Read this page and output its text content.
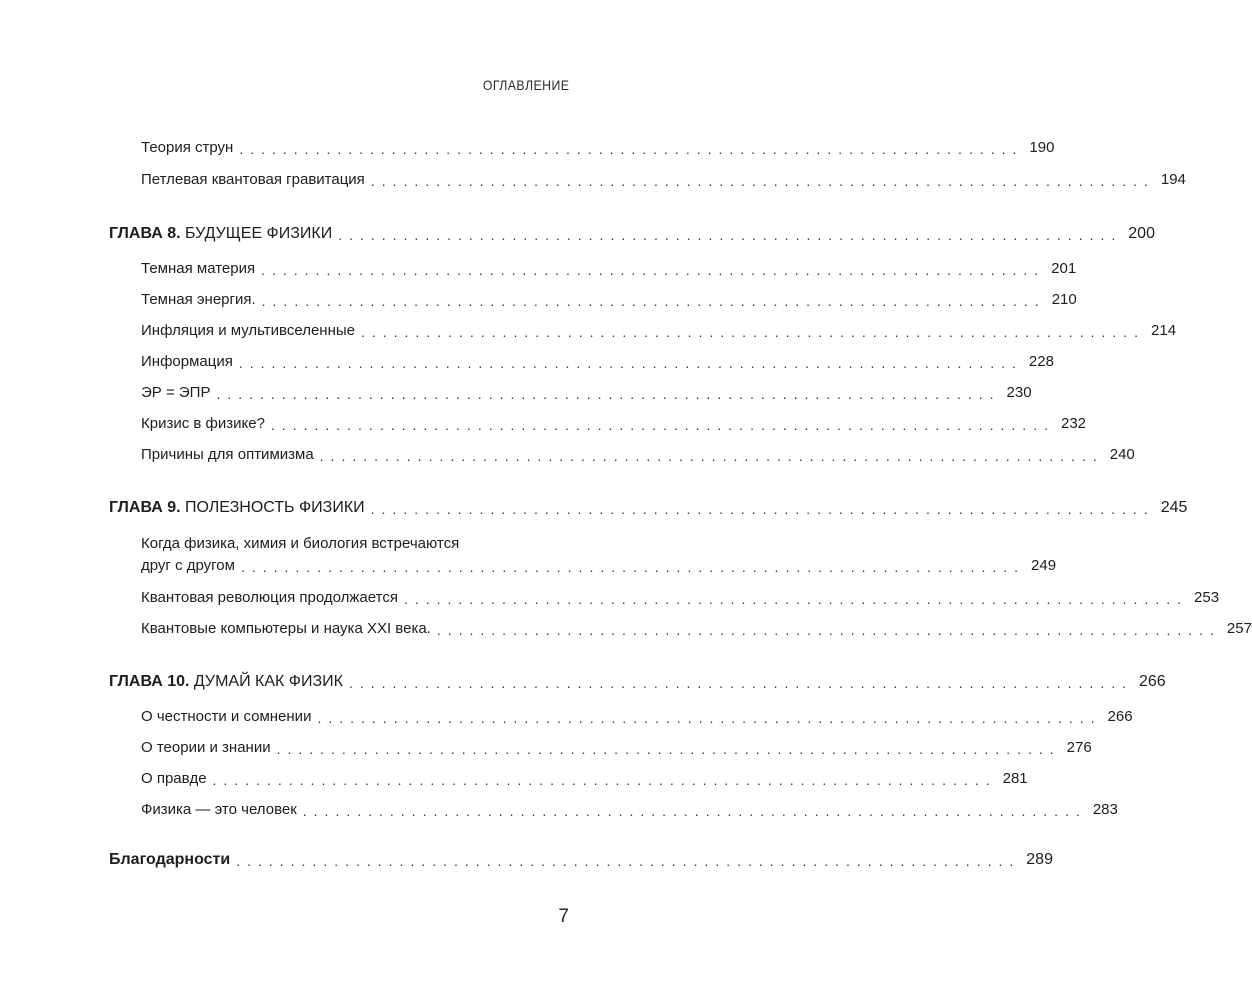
ОГЛАВЛЕНИЕ
Теория струн ........................................................................ 190
Петлевая квантовая гравитация ........................................................................ 194
ГЛАВА 8. БУДУЩЕЕ ФИЗИКИ ........................................................................ 200
Темная материя ........................................................................ 201
Темная энергия. ........................................................................ 210
Инфляция и мультивселенные ........................................................................ 214
Информация ........................................................................ 228
ЭР = ЭПР ........................................................................ 230
Кризис в физике? ........................................................................ 232
Причины для оптимизма ........................................................................ 240
ГЛАВА 9. ПОЛЕЗНОСТЬ ФИЗИКИ ........................................................................ 245
Когда физика, химия и биология встречаются
друг с другом ........................................................................ 249
Квантовая революция продолжается ........................................................................ 253
Квантовые компьютеры и наука XXI века. ........................................................................ 257
ГЛАВА 10. ДУМАЙ КАК ФИЗИК ........................................................................ 266
О честности и сомнении ........................................................................ 266
О теории и знании ........................................................................ 276
О правде ........................................................................ 281
Физика — это человек ........................................................................ 283
Благодарности ........................................................................ 289
7
